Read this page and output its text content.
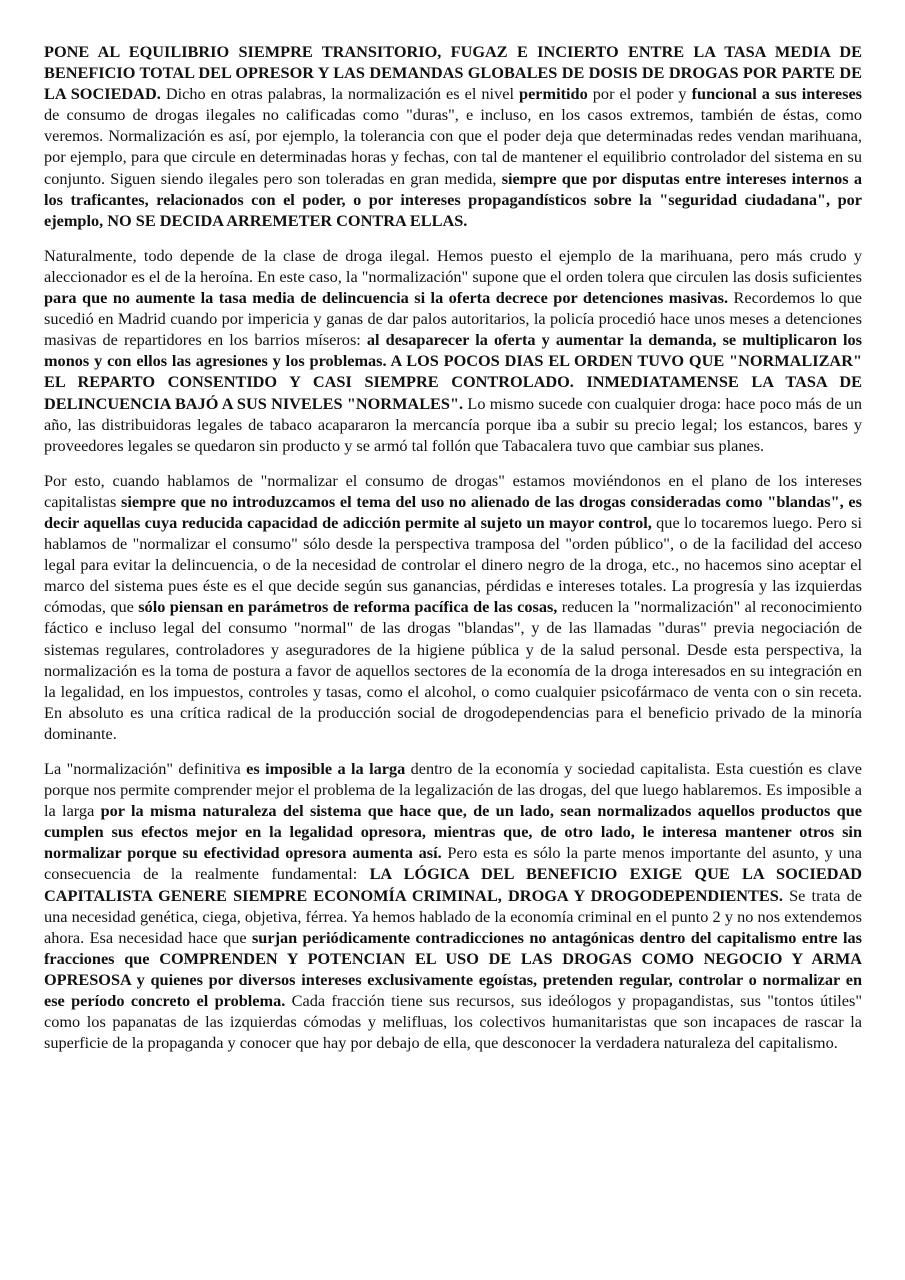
PONE AL EQUILIBRIO SIEMPRE TRANSITORIO, FUGAZ E INCIERTO ENTRE LA TASA MEDIA DE BENEFICIO TOTAL DEL OPRESOR Y LAS DEMANDAS GLOBALES DE DOSIS DE DROGAS POR PARTE DE LA SOCIEDAD. Dicho en otras palabras, la normalización es el nivel permitido por el poder y funcional a sus intereses de consumo de drogas ilegales no calificadas como "duras", e incluso, en los casos extremos, también de éstas, como veremos. Normalización es así, por ejemplo, la tolerancia con que el poder deja que determinadas redes vendan marihuana, por ejemplo, para que circule en determinadas horas y fechas, con tal de mantener el equilibrio controlador del sistema en su conjunto. Siguen siendo ilegales pero son toleradas en gran medida, siempre que por disputas entre intereses internos a los traficantes, relacionados con el poder, o por intereses propagandísticos sobre la "seguridad ciudadana", por ejemplo, NO SE DECIDA ARREMETER CONTRA ELLAS.

Naturalmente, todo depende de la clase de droga ilegal. Hemos puesto el ejemplo de la marihuana, pero más crudo y aleccionador es el de la heroína. En este caso, la "normalización" supone que el orden tolera que circulen las dosis suficientes para que no aumente la tasa media de delincuencia si la oferta decrece por detenciones masivas. Recordemos lo que sucedió en Madrid cuando por impericia y ganas de dar palos autoritarios, la policía procedió hace unos meses a detenciones masivas de repartidores en los barrios míseros: al desaparecer la oferta y aumentar la demanda, se multiplicaron los monos y con ellos las agresiones y los problemas. A LOS POCOS DIAS EL ORDEN TUVO QUE "NORMALIZAR" EL REPARTO CONSENTIDO Y CASI SIEMPRE CONTROLADO. INMEDIATAMENSE LA TASA DE DELINCUENCIA BAJÓ A SUS NIVELES "NORMALES". Lo mismo sucede con cualquier droga: hace poco más de un año, las distribuidoras legales de tabaco acapararon la mercancía porque iba a subir su precio legal; los estancos, bares y proveedores legales se quedaron sin producto y se armó tal follón que Tabacalera tuvo que cambiar sus planes.

Por esto, cuando hablamos de "normalizar el consumo de drogas" estamos moviéndonos en el plano de los intereses capitalistas siempre que no introduzcamos el tema del uso no alienado de las drogas consideradas como "blandas", es decir aquellas cuya reducida capacidad de adicción permite al sujeto un mayor control, que lo tocaremos luego. Pero si hablamos de "normalizar el consumo" sólo desde la perspectiva tramposa del "orden público", o de la facilidad del acceso legal para evitar la delincuencia, o de la necesidad de controlar el dinero negro de la droga, etc., no hacemos sino aceptar el marco del sistema pues éste es el que decide según sus ganancias, pérdidas e intereses totales. La progresía y las izquierdas cómodas, que sólo piensan en parámetros de reforma pacífica de las cosas, reducen la "normalización" al reconocimiento fáctico e incluso legal del consumo "normal" de las drogas "blandas", y de las llamadas "duras" previa negociación de sistemas regulares, controladores y aseguradores de la higiene pública y de la salud personal. Desde esta perspectiva, la normalización es la toma de postura a favor de aquellos sectores de la economía de la droga interesados en su integración en la legalidad, en los impuestos, controles y tasas, como el alcohol, o como cualquier psicofármaco de venta con o sin receta. En absoluto es una crítica radical de la producción social de drogodependencias para el beneficio privado de la minoría dominante.

La "normalización" definitiva es imposible a la larga dentro de la economía y sociedad capitalista. Esta cuestión es clave porque nos permite comprender mejor el problema de la legalización de las drogas, del que luego hablaremos. Es imposible a la larga por la misma naturaleza del sistema que hace que, de un lado, sean normalizados aquellos productos que cumplen sus efectos mejor en la legalidad opresora, mientras que, de otro lado, le interesa mantener otros sin normalizar porque su efectividad opresora aumenta así. Pero esta es sólo la parte menos importante del asunto, y una consecuencia de la realmente fundamental: LA LÓGICA DEL BENEFICIO EXIGE QUE LA SOCIEDAD CAPITALISTA GENERE SIEMPRE ECONOMÍA CRIMINAL, DROGA Y DROGODEPENDIENTES. Se trata de una necesidad genética, ciega, objetiva, férrea. Ya hemos hablado de la economía criminal en el punto 2 y no nos extendemos ahora. Esa necesidad hace que surjan periódicamente contradicciones no antagónicas dentro del capitalismo entre las fracciones que COMPRENDEN Y POTENCIAN EL USO DE LAS DROGAS COMO NEGOCIO Y ARMA OPRESOSA y quienes por diversos intereses exclusivamente egoístas, pretenden regular, controlar o normalizar en ese período concreto el problema. Cada fracción tiene sus recursos, sus ideólogos y propagandistas, sus "tontos útiles" como los papanatas de las izquierdas cómodas y melifluas, los colectivos humanitaristas que son incapaces de rascar la superficie de la propaganda y conocer que hay por debajo de ella, que desconocer la verdadera naturaleza del capitalismo.
